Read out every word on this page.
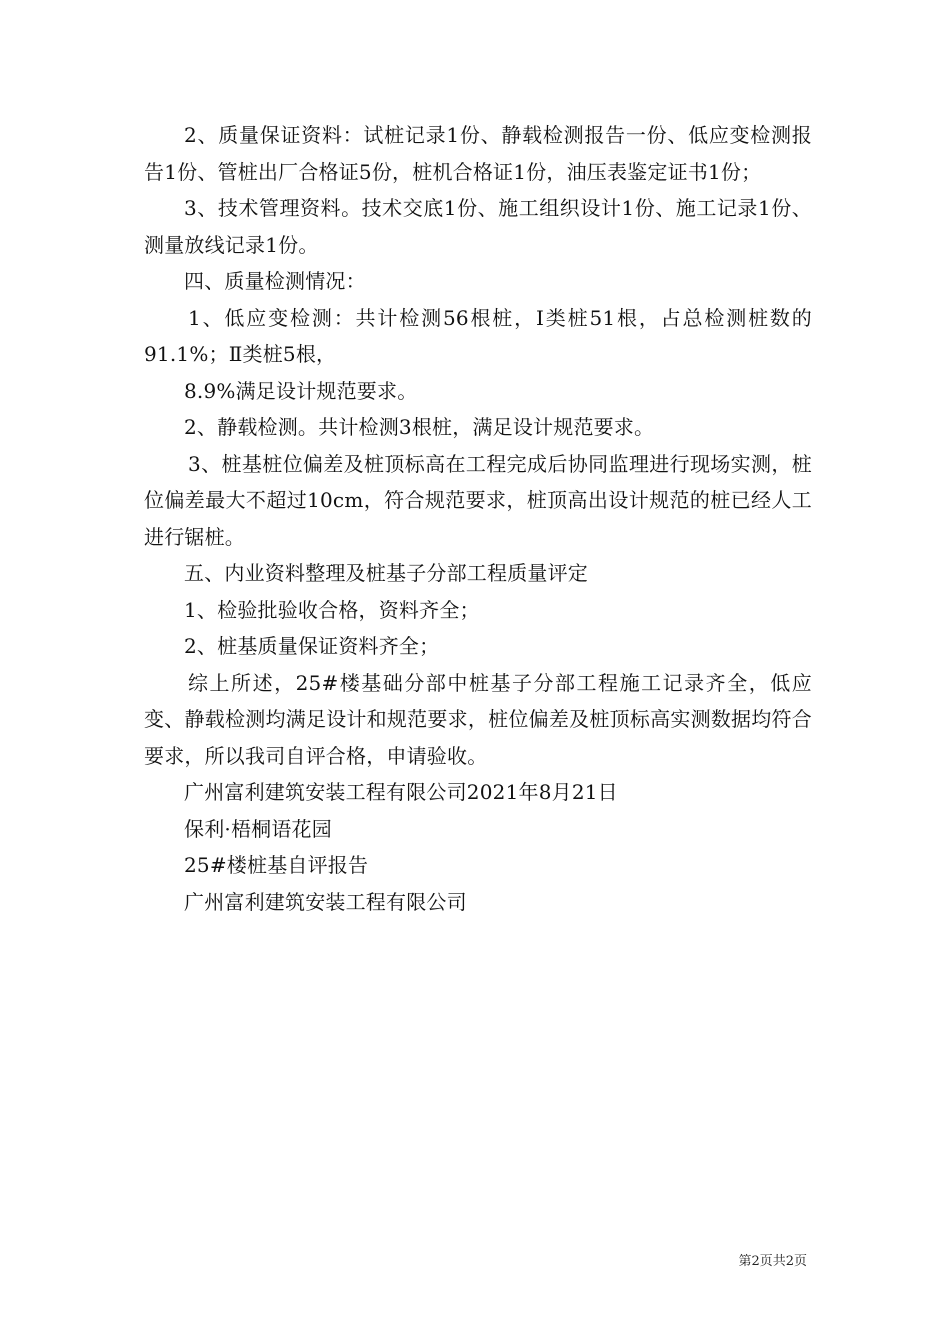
2、质量保证资料：试桩记录1份、静载检测报告一份、低应变检测报告1份、管桩出厂合格证5份，桩机合格证1份，油压表鉴定证书1份；

3、技术管理资料。技术交底1份、施工组织设计1份、施工记录1份、测量放线记录1份。

四、质量检测情况：

1、低应变检测：共计检测56根桩，Ⅰ类桩51根，占总检测桩数的91.1%；Ⅱ类桩5根，

8.9%满足设计规范要求。

2、静载检测。共计检测3根桩，满足设计规范要求。

3、桩基桩位偏差及桩顶标高在工程完成后协同监理进行现场实测，桩位偏差最大不超过10cm，符合规范要求，桩顶高出设计规范的桩已经人工进行锯桩。

五、内业资料整理及桩基子分部工程质量评定

1、检验批验收合格，资料齐全；

2、桩基质量保证资料齐全；

综上所述，25#楼基础分部中桩基子分部工程施工记录齐全，低应变、静载检测均满足设计和规范要求，桩位偏差及桩顶标高实测数据均符合要求，所以我司自评合格，申请验收。

广州富利建筑安装工程有限公司2021年8月21日

保利·梧桐语花园

25#楼桩基自评报告

广州富利建筑安装工程有限公司

第2页共2页
